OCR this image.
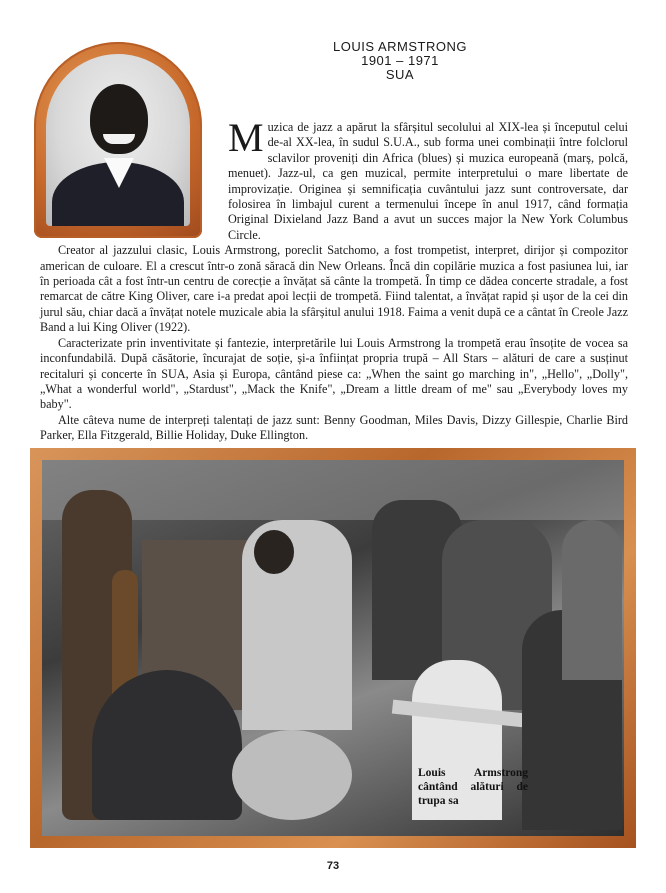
LOUIS ARMSTRONG
1901 – 1971
SUA

Muzica de jazz a apărut la sfârșitul secolului al XIX-lea și începutul celui de-al XX-lea, în sudul S.U.A., sub forma unei combinații între folclorul sclavilor proveniți din Africa (blues) și muzica europeană (marș, polcă, menuet). Jazz-ul, ca gen muzical, permite interpretului o mare libertate de improvizație. Originea și semnificația cuvântului jazz sunt controversate, dar folosirea în limbajul curent a termenului începe în anul 1917, când formația Original Dixieland Jazz Band a avut un succes major la New York Columbus Circle.

Creator al jazzului clasic, Louis Armstrong, poreclit Satchomo, a fost trompetist, interpret, dirijor și compozitor american de culoare. El a crescut într-o zonă săracă din New Orleans. Încă din copilărie muzica a fost pasiunea lui, iar în perioada cât a fost într-un centru de corecție a învățat să cânte la trompetă. În timp ce dădea concerte stradale, a fost remarcat de către King Oliver, care i-a predat apoi lecții de trompetă. Fiind talentat, a învățat rapid și ușor de la cei din jurul său, chiar dacă a învățat notele muzicale abia la sfârșitul anului 1918. Faima a venit după ce a cântat în Creole Jazz Band a lui King Oliver (1922).

Caracterizate prin inventivitate și fantezie, interpretările lui Louis Armstrong la trompetă erau însoțite de vocea sa inconfundabilă. După căsătorie, încurajat de soție, și-a înființat propria trupă – All Stars – alături de care a susținut recitaluri și concerte în SUA, Asia și Europa, cântând piese ca: „When the saint go marching in", „Hello", „Dolly", „What a wonderful world", „Stardust", „Mack the Knife", „Dream a little dream of me" sau „Everybody loves my baby".

Alte câteva nume de interpreți talentați de jazz sunt: Benny Goodman, Miles Davis, Dizzy Gillespie, Charlie Bird Parker, Ella Fitzgerald, Billie Holiday, Duke Ellington.

Louis Armstrong cântând alături de trupa sa
73
